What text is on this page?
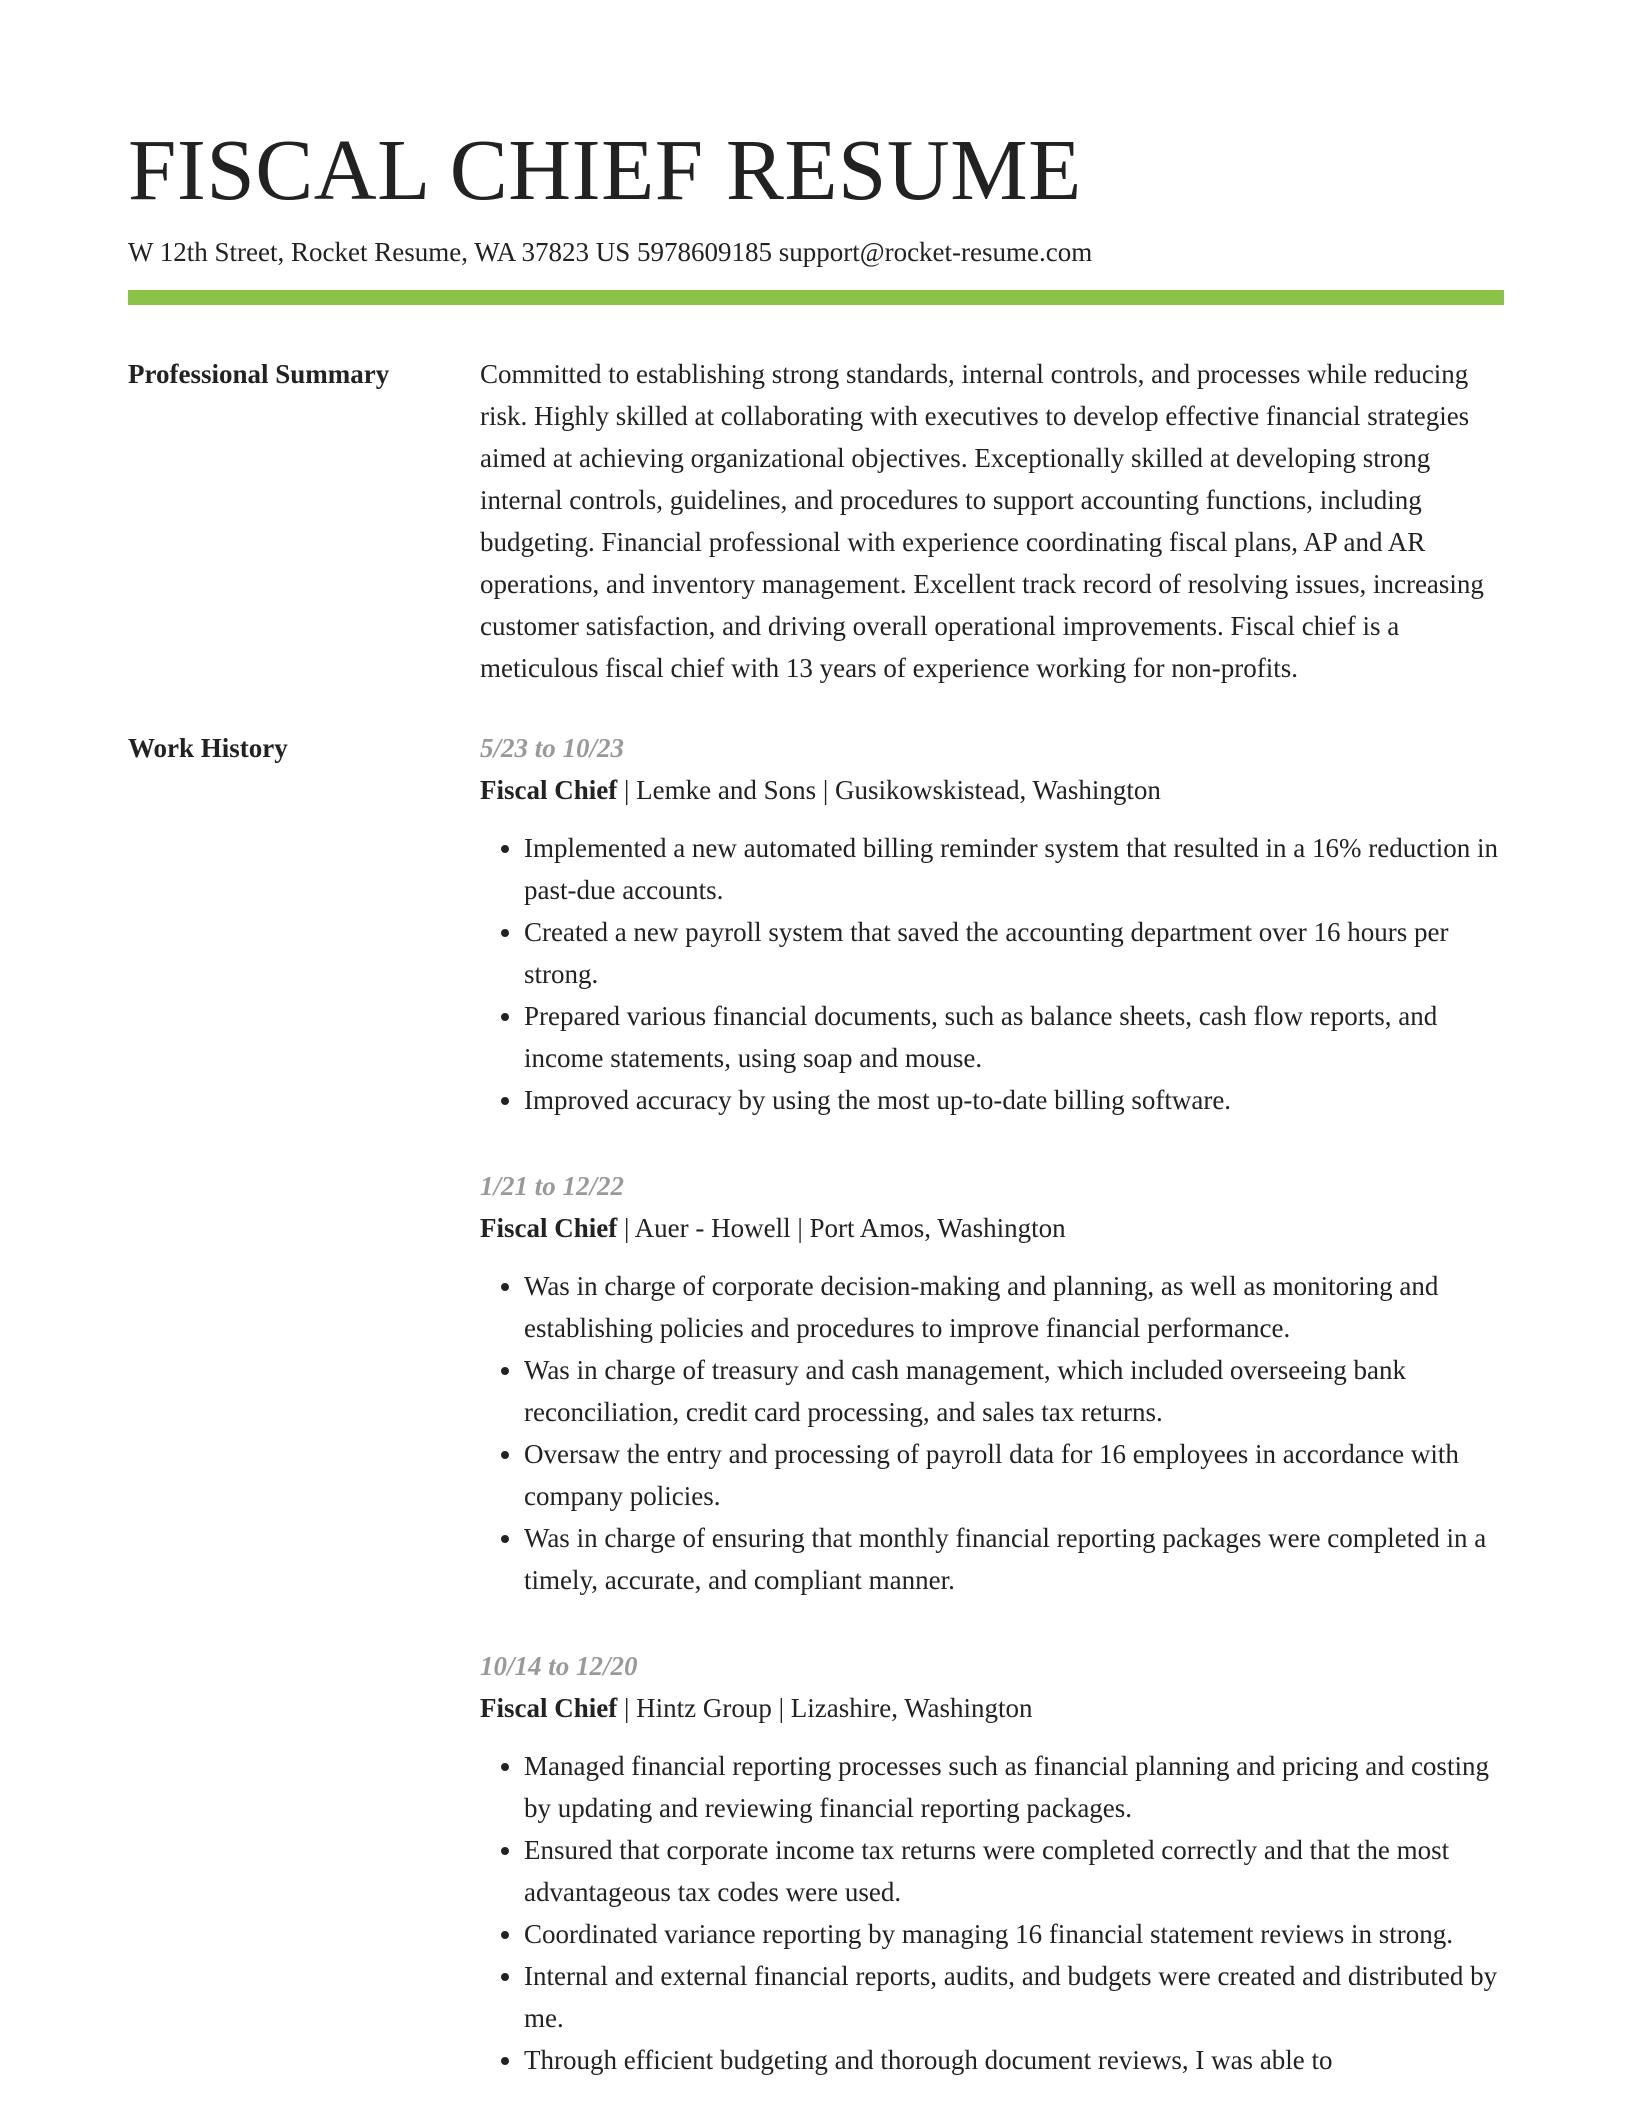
FISCAL CHIEF RESUME
W 12th Street, Rocket Resume, WA 37823 US 5978609185 support@rocket-resume.com
Professional Summary	Committed to establishing strong standards, internal controls, and processes while reducing risk. Highly skilled at collaborating with executives to develop effective financial strategies aimed at achieving organizational objectives. Exceptionally skilled at developing strong internal controls, guidelines, and procedures to support accounting functions, including budgeting. Financial professional with experience coordinating fiscal plans, AP and AR operations, and inventory management. Excellent track record of resolving issues, increasing customer satisfaction, and driving overall operational improvements. Fiscal chief is a meticulous fiscal chief with 13 years of experience working for non-profits.

Work History	5/23 to 10/23
Fiscal Chief | Lemke and Sons | Gusikowskistead, Washington
• Implemented a new automated billing reminder system that resulted in a 16% reduction in past-due accounts.
• Created a new payroll system that saved the accounting department over 16 hours per strong.
• Prepared various financial documents, such as balance sheets, cash flow reports, and income statements, using soap and mouse.
• Improved accuracy by using the most up-to-date billing software.
1/21 to 12/22
Fiscal Chief | Auer - Howell | Port Amos, Washington
• Was in charge of corporate decision-making and planning, as well as monitoring and establishing policies and procedures to improve financial performance.
• Was in charge of treasury and cash management, which included overseeing bank reconciliation, credit card processing, and sales tax returns.
• Oversaw the entry and processing of payroll data for 16 employees in accordance with company policies.
• Was in charge of ensuring that monthly financial reporting packages were completed in a timely, accurate, and compliant manner.
10/14 to 12/20
Fiscal Chief | Hintz Group | Lizashire, Washington
• Managed financial reporting processes such as financial planning and pricing and costing by updating and reviewing financial reporting packages.
• Ensured that corporate income tax returns were completed correctly and that the most advantageous tax codes were used.
• Coordinated variance reporting by managing 16 financial statement reviews in strong.
• Internal and external financial reports, audits, and budgets were created and distributed by me.
• Through efficient budgeting and thorough document reviews, I was able to
